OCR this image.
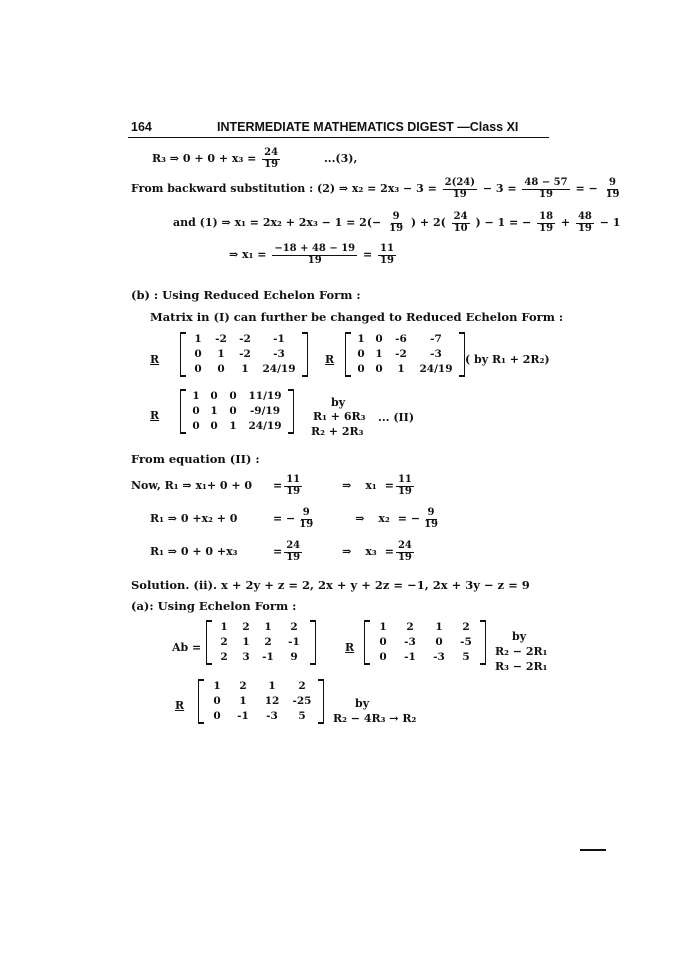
164	INTERMEDIATE MATHEMATICS DIGEST —Class XI
R₃ ⇒ $0 + 0 + x_3 = \frac{24}{19}$	...(3),
From backward substitution : (2) ⇒ $x_2 = 2x_3 - 3 = \frac{2(24)}{19} - 3 = \frac{48 - 57}{19}$ = − $\frac{9}{19}$
and (1) ⇒ $x_1 = 2x_2 + 2x_3 - 1 = 2(- \frac{9}{19}$ ) + $2( \frac{24}{10}$ ) − 1 = − $\frac{18}{19} + \frac{48}{19} - 1$
⇒ $x_1 = \frac{-18 + 48 - 19}{19} = \frac{11}{19}$
(b) : Using Reduced Echelon Form :
Matrix in (I) can further be changed to Reduced Echelon Form :
R
1	-2	-2	-1
0	1	-2	-3
0	0	1	24/19
R
1	0	-6	-7
0	1	-2	-3
0	0	1	24/19
( by R₁ + 2R₂)
R
1	0	0	11/19
0	1	0	-9/19
0	0	1	24/19
by
R₁ + 6R₃
R₂ + 2R₃
... (II)
From equation (II) :
Now, R₁ ⇒ $x_1+ 0 + 0 = \frac{11}{19}$	⇒ $x_1 = \frac{11}{19}$
R₁ ⇒ 0 +x₂ + 0	= − $\frac{9}{19}$	⇒ x₂ = − $\frac{9}{19}$
R₁ ⇒ 0 + 0 +x₃	= $\frac{24}{19}$	⇒ $x_3 = \frac{24}{19}$
Solution. (ii). x + 2y + z = 2, 2x + y + 2z = −1, 2x + 3y − z = 9
(a): Using Echelon Form :
Ab =
1	2	1	2
2	1	2	-1
2	3	-1	9
R
1	2	1	2
0	-3	0	-5
0	-1	-3	5
by
R₂ − 2R₁
R₃ − 2R₁
R
1	2	1	2
0	1	12	-25
0	-1	-3	5
by
R₂ − 4R₃ → R₂
